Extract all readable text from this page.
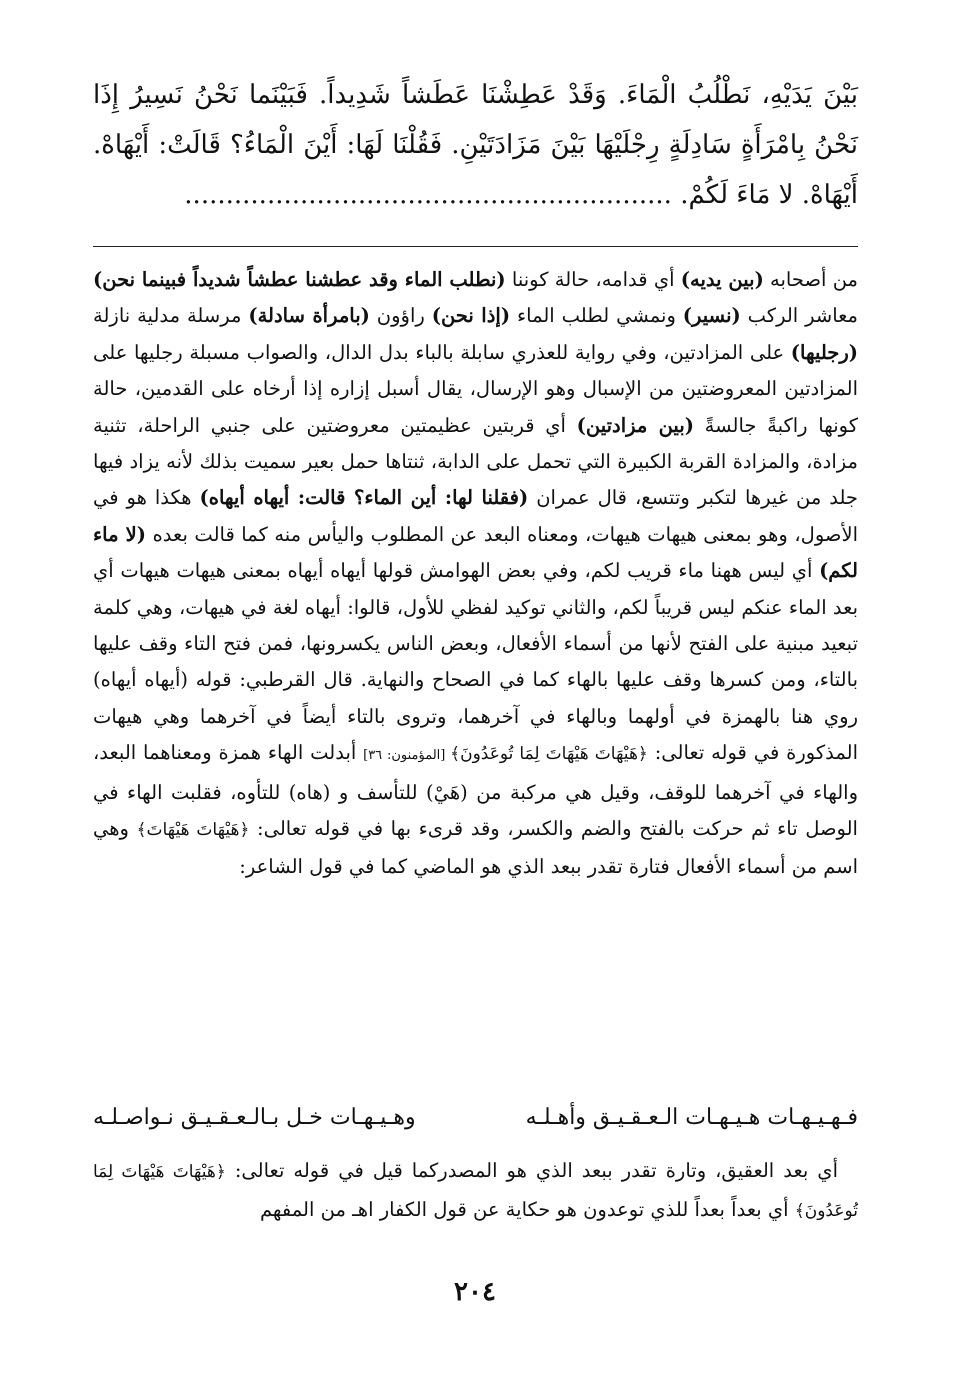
بَيْنَ يَدَيْهِ، نَطْلُبُ الْمَاءَ. وَقَدْ عَطِشْنَا عَطَشاً شَدِيداً. فَبَيْنَما نَحْنُ نَسِيرُ إِذَا نَحْنُ بِامْرَأَةٍ سَادِلَةٍ رِجْلَيْهَا بَيْنَ مَزَادَتَيْنِ. فَقُلْنَا لَهَا: أَيْنَ الْمَاءُ؟ قَالَتْ: أَيْهَاهْ. أَيْهَاهْ. لا مَاءَ لَكُمْ. ...........................................................

من أصحابه (بين يديه) أي قدامه، حالة كوننا (نطلب الماء وقد عطشنا عطشاً شديداً فبينما نحن) معاشر الركب (نسير) ونمشي لطلب الماء (إذا نحن) راؤون (بامرأة سادلة) مرسلة مدلية نازلة (رجليها) على المزادتين، وفي رواية للعذري سابلة بالباء بدل الدال، والصواب مسبلة رجليها على المزادتين المعروضتين من الإسبال وهو الإرسال، يقال أسبل إزاره إذا أرخاه على القدمين، حالة كونها راكبةً جالسةً (بين مزادتين) أي قربتين عظيمتين معروضتين على جنبي الراحلة، تثنية مزادة، والمزادة القربة الكبيرة التي تحمل على الدابة، ثنتاها حمل بعير سميت بذلك لأنه يزاد فيها جلد من غيرها لتكبر وتتسع، قال عمران (فقلنا لها: أين الماء؟ قالت: أيهاه أيهاه) هكذا هو في الأصول، وهو بمعنى هيهات هيهات، ومعناه البعد عن المطلوب واليأس منه كما قالت بعده (لا ماء لكم) أي ليس ههنا ماء قريب لكم، وفي بعض الهوامش قولها أيهاه أيهاه بمعنى هيهات هيهات أي بعد الماء عنكم ليس قريباً لكم، والثاني توكيد لفظي للأول، قالوا: أيهاه لغة في هيهات، وهي كلمة تبعيد مبنية على الفتح لأنها من أسماء الأفعال، وبعض الناس يكسرونها، فمن فتح التاء وقف عليها بالتاء، ومن كسرها وقف عليها بالهاء كما في الصحاح والنهاية. قال القرطبي: قوله (أيهاه أيهاه) روي هنا بالهمزة في أولهما وبالهاء في آخرهما، وتروى بالتاء أيضاً في آخرهما وهي هيهات المذكورة في قوله تعالى: ﴿هَيْهَاتَ هَيْهَاتَ لِمَا تُوعَدُونَ﴾ [المؤمنون: ٣٦] أبدلت الهاء همزة ومعناهما البعد، والهاء في آخرهما للوقف، وقيل هي مركبة من (هَيْ) للتأسف و (هاه) للتأوه، فقلبت الهاء في الوصل تاء ثم حركت بالفتح والضم والكسر، وقد قرىء بها في قوله تعالى: ﴿هَيْهَاتَ هَيْهَاتَ﴾ وهي اسم من أسماء الأفعال فتارة تقدر ببعد الذي هو الماضي كما في قول الشاعر:

فـهـيـهـات هـيـهـات الـعـقـيـق وأهـلـه
وهـيـهـات خـل بـالـعـقـيـق نـواصـلـه

أي بعد العقيق، وتارة تقدر ببعد الذي هو المصدركما قيل في قوله تعالى: ﴿هَيْهَاتَ هَيْهَاتَ لِمَا تُوعَدُونَ﴾ أي بعداً بعداً للذي توعدون هو حكاية عن قول الكفار اهـ من المفهم

٢٠٤
